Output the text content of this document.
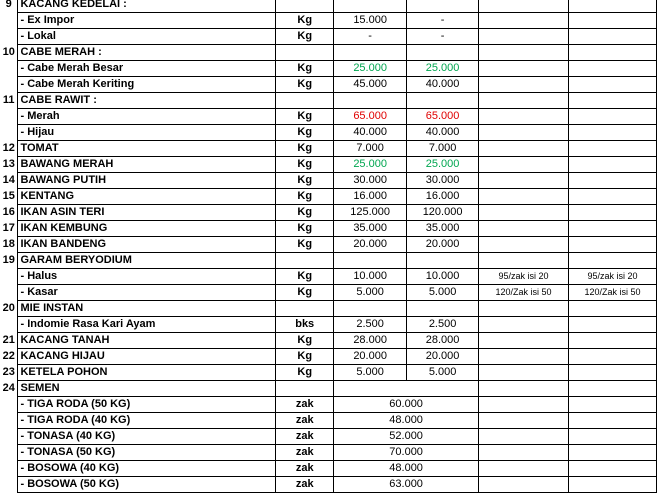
9	KACANG KEDELAI :					
	- Ex Impor	Kg	15.000	-		
	- Lokal	Kg	-	-		
10	CABE MERAH :					
	- Cabe Merah Besar	Kg	25.000	25.000		
	- Cabe Merah Keriting	Kg	45.000	40.000		
11	CABE RAWIT :					
	- Merah	Kg	65.000	65.000		
	- Hijau	Kg	40.000	40.000		
12	TOMAT	Kg	7.000	7.000		
13	BAWANG MERAH	Kg	25.000	25.000		
14	BAWANG PUTIH	Kg	30.000	30.000		
15	KENTANG	Kg	16.000	16.000		
16	IKAN ASIN TERI	Kg	125.000	120.000		
17	IKAN KEMBUNG	Kg	35.000	35.000		
18	IKAN BANDENG	Kg	20.000	20.000		
19	GARAM BERYODIUM					
	- Halus	Kg	10.000	10.000	95/zak isi 20	95/zak isi 20
	- Kasar	Kg	5.000	5.000	120/Zak isi 50	120/Zak isi 50
20	MIE INSTAN					
	- Indomie Rasa Kari Ayam	bks	2.500	2.500		
21	KACANG TANAH	Kg	28.000	28.000		
22	KACANG HIJAU	Kg	20.000	20.000		
23	KETELA POHON	Kg	5.000	5.000		
24	SEMEN					
	- TIGA RODA (50 KG)	zak	60.000			
	- TIGA RODA (40 KG)	zak	48.000			
	- TONASA (40 KG)	zak	52.000			
	- TONASA (50 KG)	zak	70.000			
	- BOSOWA (40 KG)	zak	48.000			
	- BOSOWA (50 KG)	zak	63.000			
